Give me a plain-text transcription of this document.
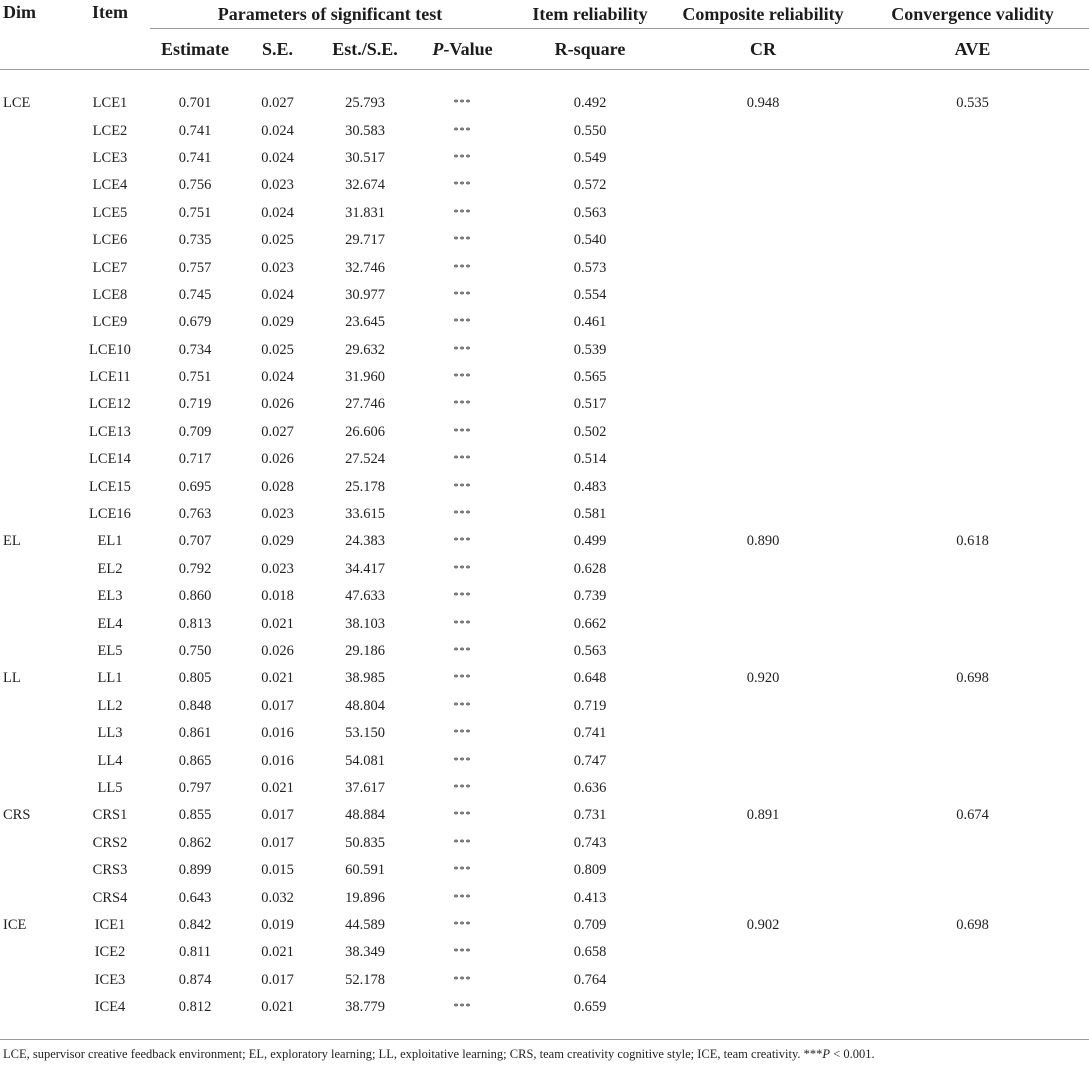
Dim	Item	Parameters of significant test				Item reliability	Composite reliability	Convergence validity
		Estimate	S.E.	Est./S.E.	P-Value	R-square	CR	AVE

LCE	LCE1	0.701	0.027	25.793	***	0.492	0.948	0.535
	LCE2	0.741	0.024	30.583	***	0.550		
	LCE3	0.741	0.024	30.517	***	0.549		
	LCE4	0.756	0.023	32.674	***	0.572		
	LCE5	0.751	0.024	31.831	***	0.563		
	LCE6	0.735	0.025	29.717	***	0.540		
	LCE7	0.757	0.023	32.746	***	0.573		
	LCE8	0.745	0.024	30.977	***	0.554		
	LCE9	0.679	0.029	23.645	***	0.461		
	LCE10	0.734	0.025	29.632	***	0.539		
	LCE11	0.751	0.024	31.960	***	0.565		
	LCE12	0.719	0.026	27.746	***	0.517		
	LCE13	0.709	0.027	26.606	***	0.502		
	LCE14	0.717	0.026	27.524	***	0.514		
	LCE15	0.695	0.028	25.178	***	0.483		
	LCE16	0.763	0.023	33.615	***	0.581		
EL	EL1	0.707	0.029	24.383	***	0.499	0.890	0.618
	EL2	0.792	0.023	34.417	***	0.628		
	EL3	0.860	0.018	47.633	***	0.739		
	EL4	0.813	0.021	38.103	***	0.662		
	EL5	0.750	0.026	29.186	***	0.563		
LL	LL1	0.805	0.021	38.985	***	0.648	0.920	0.698
	LL2	0.848	0.017	48.804	***	0.719		
	LL3	0.861	0.016	53.150	***	0.741		
	LL4	0.865	0.016	54.081	***	0.747		
	LL5	0.797	0.021	37.617	***	0.636		
CRS	CRS1	0.855	0.017	48.884	***	0.731	0.891	0.674
	CRS2	0.862	0.017	50.835	***	0.743		
	CRS3	0.899	0.015	60.591	***	0.809		
	CRS4	0.643	0.032	19.896	***	0.413		
ICE	ICE1	0.842	0.019	44.589	***	0.709	0.902	0.698
	ICE2	0.811	0.021	38.349	***	0.658		
	ICE3	0.874	0.017	52.178	***	0.764		
	ICE4	0.812	0.021	38.779	***	0.659		
LCE, supervisor creative feedback environment; EL, exploratory learning; LL, exploitative learning; CRS, team creativity cognitive style; ICE, team creativity. ***P < 0.001.
